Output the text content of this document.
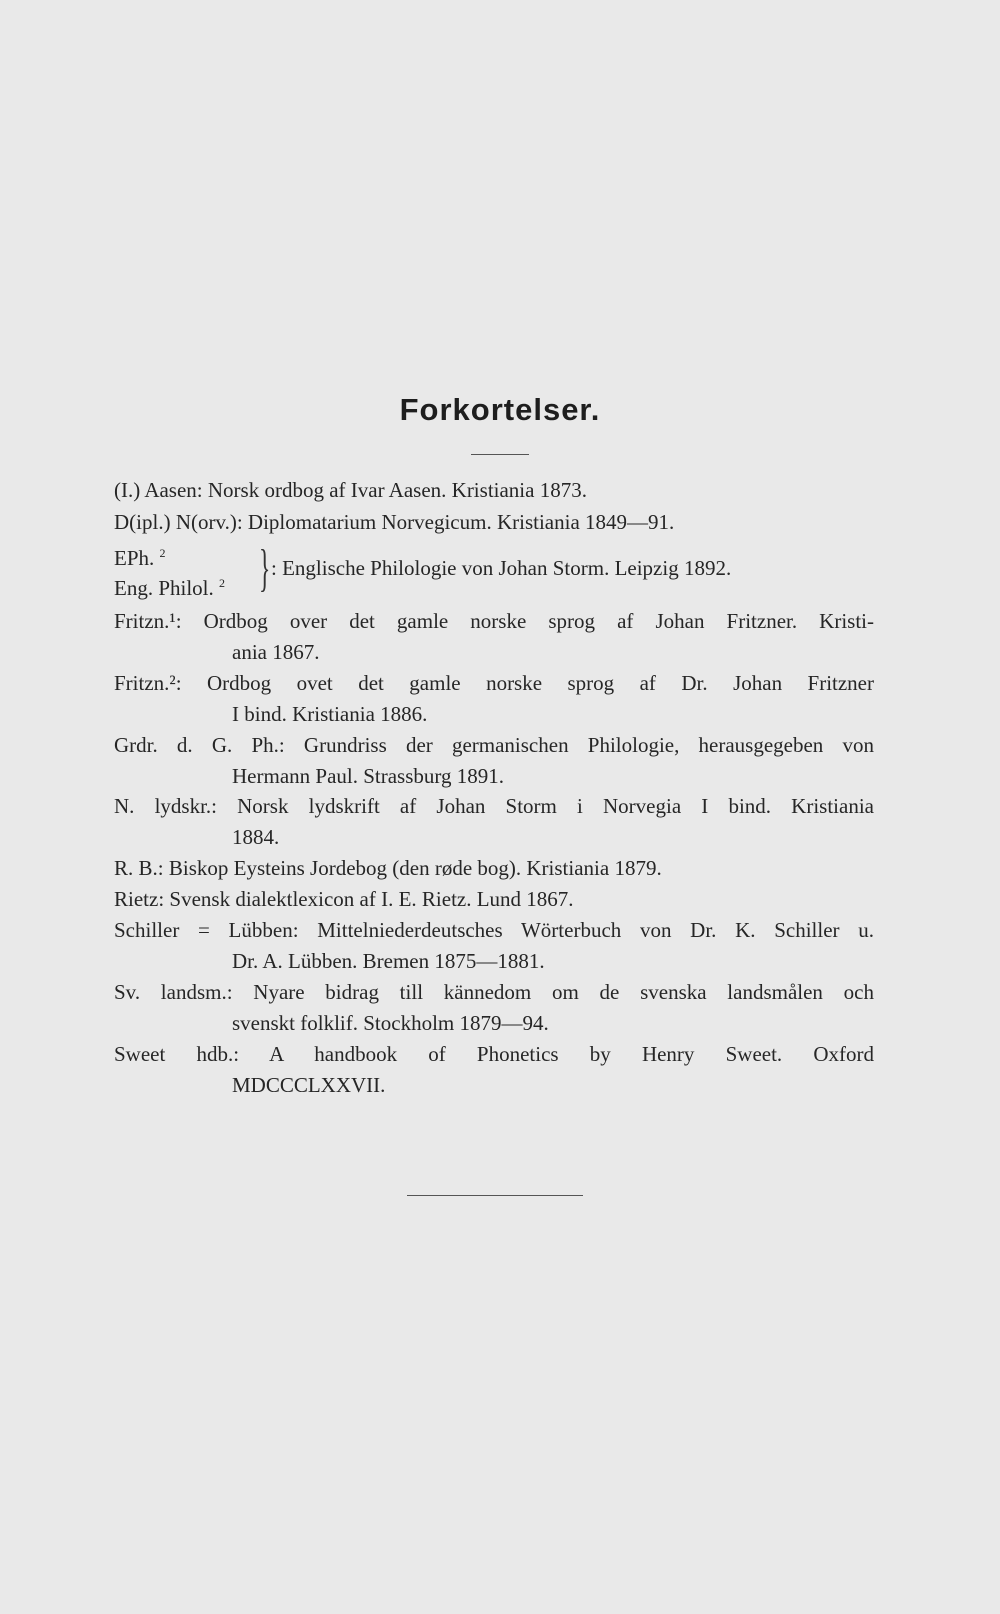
Forkortelser.
(I.) Aasen: Norsk ordbog af Ivar Aasen. Kristiania 1873.
D(ipl.) N(orv.): Diplomatarium Norvegicum. Kristiania 1849—91.
EPh. $^2$
Eng. Philol. $^2$ } : Englische Philologie von Johan Storm. Leipzig 1892.
Fritzn.¹: Ordbog over det gamle norske sprog af Johan Fritzner. Kristi-
ania 1867.
Fritzn.²: Ordbog ovet det gamle norske sprog af Dr. Johan Fritzner
I bind. Kristiania 1886.
Grdr. d. G. Ph.: Grundriss der germanischen Philologie, herausgegeben von
Hermann Paul. Strassburg 1891.
N. lydskr.: Norsk lydskrift af Johan Storm i Norvegia I bind. Kristiania
1884.
R. B.: Biskop Eysteins Jordebog (den røde bog). Kristiania 1879.
Rietz: Svensk dialektlexicon af I. E. Rietz. Lund 1867.
Schiller = Lübben: Mittelniederdeutsches Wörterbuch von Dr. K. Schiller u.
Dr. A. Lübben. Bremen 1875—1881.
Sv. landsm.: Nyare bidrag till kännedom om de svenska landsmålen och
svenskt folklif. Stockholm 1879—94.
Sweet hdb.: A handbook of Phonetics by Henry Sweet. Oxford
MDCCCLXXVII.
